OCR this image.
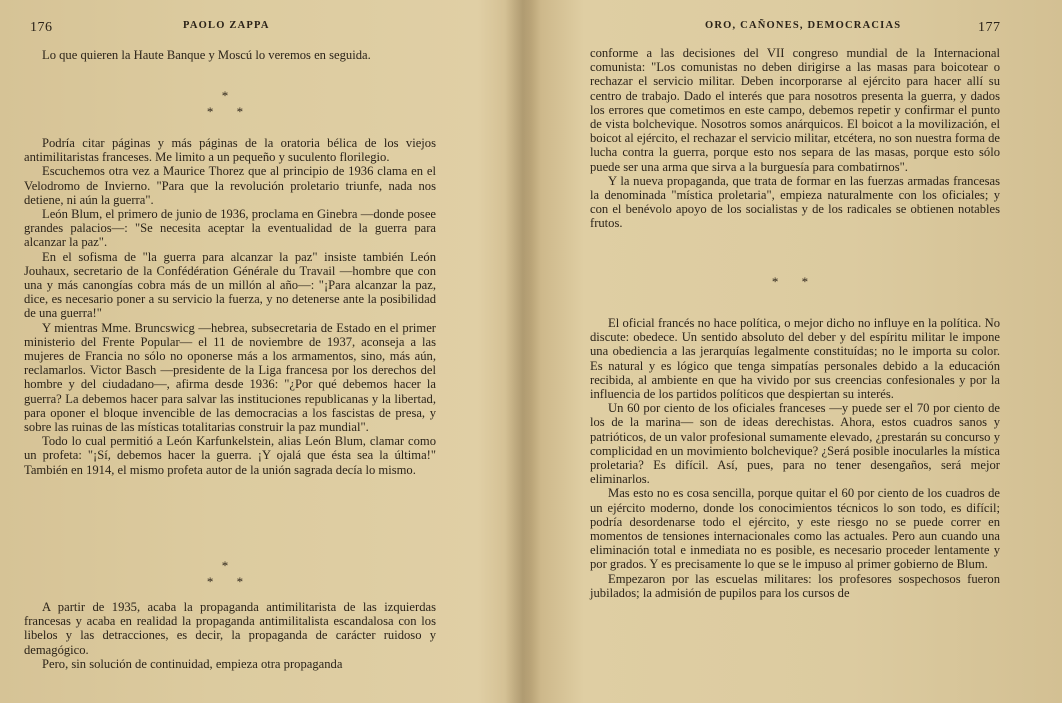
176	PAOLO ZAPPA

Lo que quieren la Haute Banque y Moscú lo veremos en seguida.

*
* *

Podría citar páginas y más páginas de la oratoria bélica de los viejos antimilitaristas franceses. Me limito a un pequeño y suculento florilegio.

Escuchemos otra vez a Maurice Thorez que al principio de 1936 clama en el Velodromo de Invierno. "Para que la revolución proletario triunfe, nada nos detiene, ni aún la guerra".

León Blum, el primero de junio de 1936, proclama en Ginebra —donde posee grandes palacios—: "Se necesita aceptar la eventualidad de la guerra para alcanzar la paz".

En el sofisma de "la guerra para alcanzar la paz" insiste también León Jouhaux, secretario de la Confédération Générale du Travail —hombre que con una y más canongías cobra más de un millón al año—: "¡Para alcanzar la paz, dice, es necesario poner a su servicio la fuerza, y no detenerse ante la posibilidad de una guerra!"

Y mientras Mme. Bruncswicg —hebrea, subsecretaria de Estado en el primer ministerio del Frente Popular— el 11 de noviembre de 1937, aconseja a las mujeres de Francia no sólo no oponerse más a los armamentos, sino, más aún, reclamarlos. Victor Basch —presidente de la Liga francesa por los derechos del hombre y del ciudadano—, afirma desde 1936: "¿Por qué debemos hacer la guerra? La debemos hacer para salvar las instituciones republicanas y la libertad, para oponer el bloque invencible de las democracias a los fascistas de presa, y sobre las ruinas de las místicas totalitarias construir la paz mundial".

Todo lo cual permitió a León Karfunkelstein, alias León Blum, clamar como un profeta: "¡Sí, debemos hacer la guerra. ¡Y ojalá que ésta sea la última!" También en 1914, el mismo profeta autor de la unión sagrada decía lo mismo.

*
* *

A partir de 1935, acaba la propaganda antimilitarista de las izquierdas francesas y acaba en realidad la propaganda antimilitalista escandalosa con los libelos y las detracciones, es decir, la propaganda de carácter ruidoso y demagógico.

Pero, sin solución de continuidad, empieza otra propaganda

ORO, CAÑONES, DEMOCRACIAS	177

conforme a las decisiones del VII congreso mundial de la Internacional comunista: "Los comunistas no deben dirigirse a las masas para boicotear o rechazar el servicio militar. Deben incorporarse al ejército para hacer allí su centro de trabajo. Dado el interés que para nosotros presenta la guerra, y dados los errores que cometimos en este campo, debemos repetir y confirmar el punto de vista bolchevique. Nosotros somos anárquicos. El boicot a la movilización, el boicot al ejército, el rechazar el servicio militar, etcétera, no son nuestra forma de lucha contra la guerra, porque esto nos separa de las masas, porque esto sólo puede ser una arma que sirva a la burguesía para combatirnos".

Y la nueva propaganda, que trata de formar en las fuerzas armadas francesas la denominada "mística proletaria", empieza naturalmente con los oficiales; y con el benévolo apoyo de los socialistas y de los radicales se obtienen notables frutos.

* *

El oficial francés no hace política, o mejor dicho no influye en la política. No discute: obedece. Un sentido absoluto del deber y del espíritu militar le impone una obediencia a las jerarquías legalmente constituídas; no le importa su color. Es natural y es lógico que tenga simpatías personales debido a la educación recibida, al ambiente en que ha vivido por sus creencias confesionales y por la influencia de los partidos políticos que despiertan su interés.

Un 60 por ciento de los oficiales franceses —y puede ser el 70 por ciento de los de la marina— son de ideas derechistas. Ahora, estos cuadros sanos y patrióticos, de un valor profesional sumamente elevado, ¿prestarán su concurso y complicidad en un movimiento bolchevique? ¿Será posible inocularles la mística proletaria? Es difícil. Así, pues, para no tener desengaños, será mejor eliminarlos.

Mas esto no es cosa sencilla, porque quitar el 60 por ciento de los cuadros de un ejército moderno, donde los conocimientos técnicos lo son todo, es difícil; podría desordenarse todo el ejército, y este riesgo no se puede correr en momentos de tensiones internacionales como las actuales. Pero aun cuando una eliminación total e inmediata no es posible, es necesario proceder lentamente y por grados. Y es precisamente lo que se le impuso al primer gobierno de Blum.

Empezaron por las escuelas militares: los profesores sospechosos fueron jubilados; la admisión de pupilos para los cursos de
